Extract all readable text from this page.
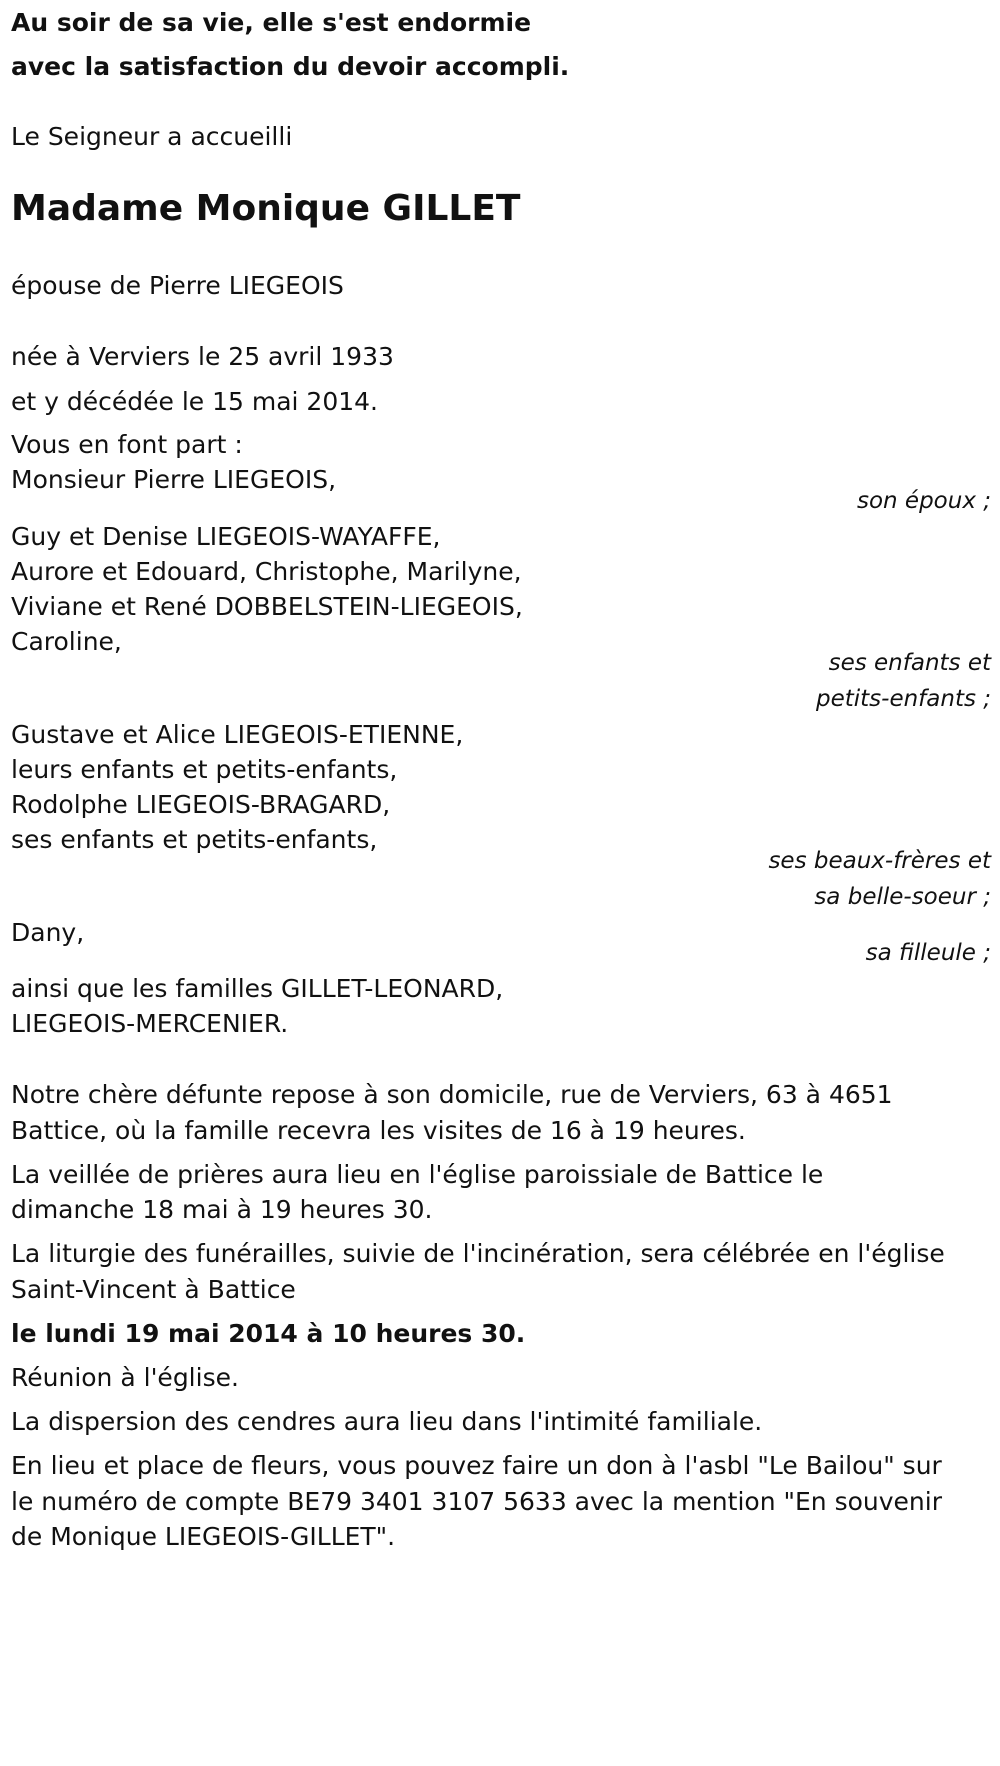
Au soir de sa vie, elle s'est endormie
avec la satisfaction du devoir accompli.
Le Seigneur a accueilli
Madame Monique GILLET
épouse de Pierre LIEGEOIS
née à Verviers le 25 avril 1933
et y décédée le 15 mai 2014.
Vous en font part :
Monsieur Pierre LIEGEOIS,
son époux ;
Guy et Denise LIEGEOIS-WAYAFFE,
Aurore et Edouard, Christophe, Marilyne,
Viviane et René DOBBELSTEIN-LIEGEOIS,
Caroline,
ses enfants et
petits-enfants ;
Gustave et Alice LIEGEOIS-ETIENNE,
leurs enfants et petits-enfants,
Rodolphe LIEGEOIS-BRAGARD,
ses enfants et petits-enfants,
ses beaux-frères et
sa belle-soeur ;
Dany,
sa filleule ;
ainsi que les familles GILLET-LEONARD,
LIEGEOIS-MERCENIER.
Notre chère défunte repose à son domicile, rue de Verviers, 63 à 4651
Battice, où la famille recevra les visites de 16 à 19 heures.
La veillée de prières aura lieu en l'église paroissiale de Battice le
dimanche 18 mai à 19 heures 30.
La liturgie des funérailles, suivie de l'incinération, sera célébrée en l'église
Saint-Vincent à Battice
le lundi 19 mai 2014 à 10 heures 30.
Réunion à l'église.
La dispersion des cendres aura lieu dans l'intimité familiale.
En lieu et place de fleurs, vous pouvez faire un don à l'asbl "Le Bailou" sur
le numéro de compte BE79 3401 3107 5633 avec la mention "En souvenir
de Monique LIEGEOIS-GILLET".
